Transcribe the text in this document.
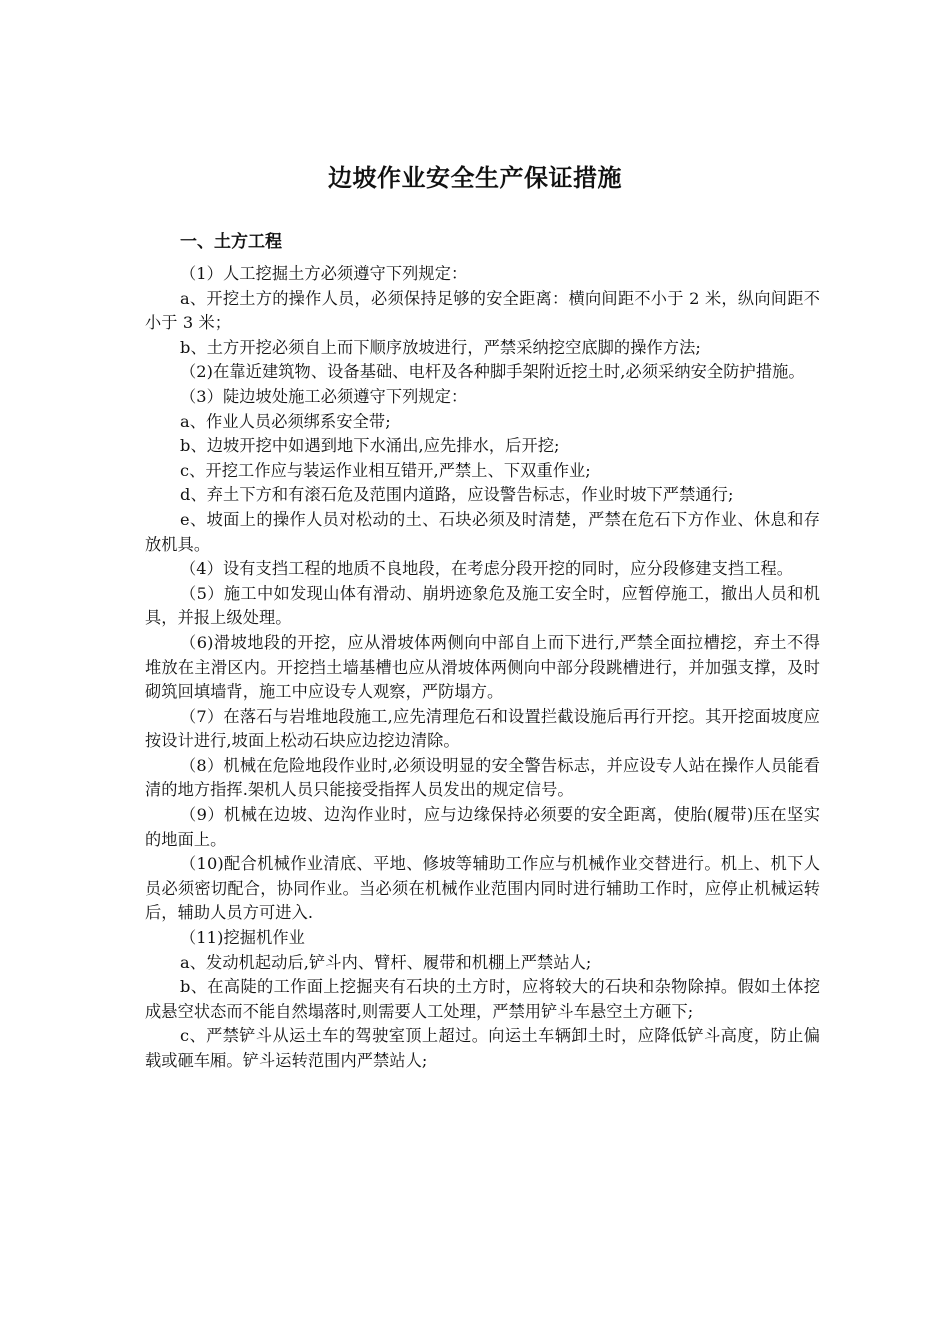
边坡作业安全生产保证措施
一、土方工程

（1）人工挖掘土方必须遵守下列规定：

a、开挖土方的操作人员，必须保持足够的安全距离：横向间距不小于 2 米，纵向间距不小于 3 米；

b、土方开挖必须自上而下顺序放坡进行，严禁采纳挖空底脚的操作方法;

（2)在靠近建筑物、设备基础、电杆及各种脚手架附近挖土时,必须采纳安全防护措施。

（3）陡边坡处施工必须遵守下列规定：

a、作业人员必须绑系安全带;

b、边坡开挖中如遇到地下水涌出,应先排水，后开挖;

c、开挖工作应与装运作业相互错开,严禁上、下双重作业;

d、弃土下方和有滚石危及范围内道路，应设警告标志，作业时坡下严禁通行;

e、坡面上的操作人员对松动的土、石块必须及时清楚，严禁在危石下方作业、休息和存放机具。

（4）设有支挡工程的地质不良地段，在考虑分段开挖的同时，应分段修建支挡工程。

（5）施工中如发现山体有滑动、崩坍迹象危及施工安全时，应暂停施工，撤出人员和机具，并报上级处理。

（6)滑坡地段的开挖，应从滑坡体两侧向中部自上而下进行,严禁全面拉槽挖，弃土不得堆放在主滑区内。开挖挡土墙基槽也应从滑坡体两侧向中部分段跳槽进行，并加强支撑，及时砌筑回填墙背，施工中应设专人观察，严防塌方。

（7）在落石与岩堆地段施工,应先清理危石和设置拦截设施后再行开挖。其开挖面坡度应按设计进行,坡面上松动石块应边挖边清除。

（8）机械在危险地段作业时,必须设明显的安全警告标志，并应设专人站在操作人员能看清的地方指挥.架机人员只能接受指挥人员发出的规定信号。

（9）机械在边坡、边沟作业时，应与边缘保持必须要的安全距离，使胎(履带)压在坚实的地面上。

（10)配合机械作业清底、平地、修坡等辅助工作应与机械作业交替进行。机上、机下人员必须密切配合，协同作业。当必须在机械作业范围内同时进行辅助工作时，应停止机械运转后，辅助人员方可进入.

（11)挖掘机作业

a、发动机起动后,铲斗内、臂杆、履带和机棚上严禁站人;

b、在高陡的工作面上挖掘夹有石块的土方时，应将较大的石块和杂物除掉。假如土体挖成悬空状态而不能自然塌落时,则需要人工处理，严禁用铲斗车悬空土方砸下;

c、严禁铲斗从运土车的驾驶室顶上超过。向运土车辆卸土时，应降低铲斗高度，防止偏载或砸车厢。铲斗运转范围内严禁站人;
